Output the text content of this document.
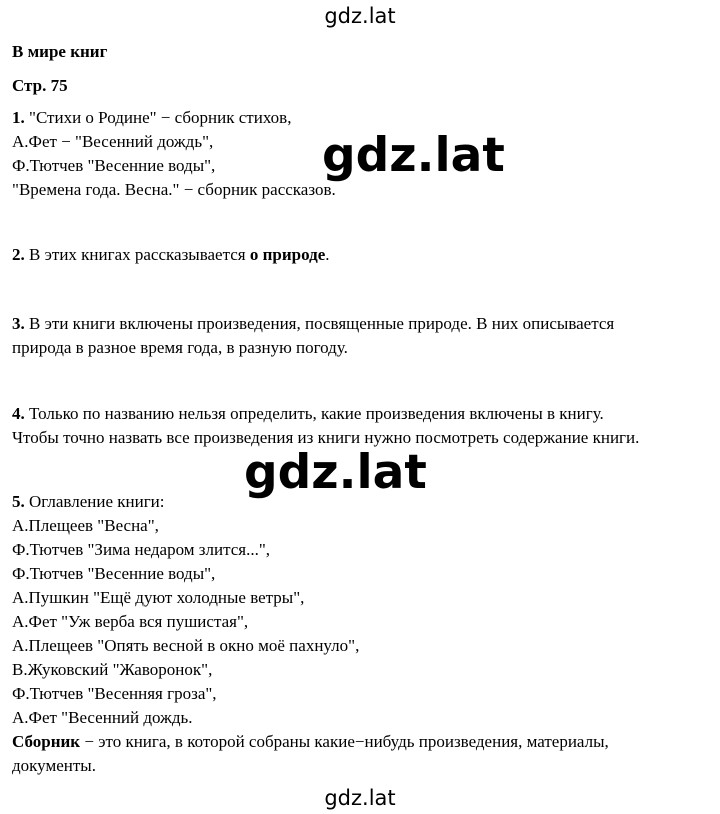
gdz.lat
В мире книг
Стр. 75
1. "Стихи о Родине" − сборник стихов,
А.Фет − "Весенний дождь",
Ф.Тютчев "Весенние воды",
"Времена года. Весна." − сборник рассказов.
gdz.lat
2. В этих книгах рассказывается о природе.
3. В эти книги включены произведения, посвященные природе. В них описывается
природа в разное время года, в разную погоду.
4. Только по названию нельзя определить, какие произведения включены в книгу.
Чтобы точно назвать все произведения из книги нужно посмотреть содержание книги.
gdz.lat
5. Оглавление книги:
А.Плещеев "Весна",
Ф.Тютчев "Зима недаром злится...",
Ф.Тютчев "Весенние воды",
А.Пушкин "Ещё дуют холодные ветры",
А.Фет "Уж верба вся пушистая",
А.Плещеев "Опять весной в окно моё пахнуло",
В.Жуковский "Жаворонок",
Ф.Тютчев "Весенняя гроза",
А.Фет "Весенний дождь.
Сборник − это книга, в которой собраны какие−нибудь произведения, материалы,
документы.
gdz.lat
